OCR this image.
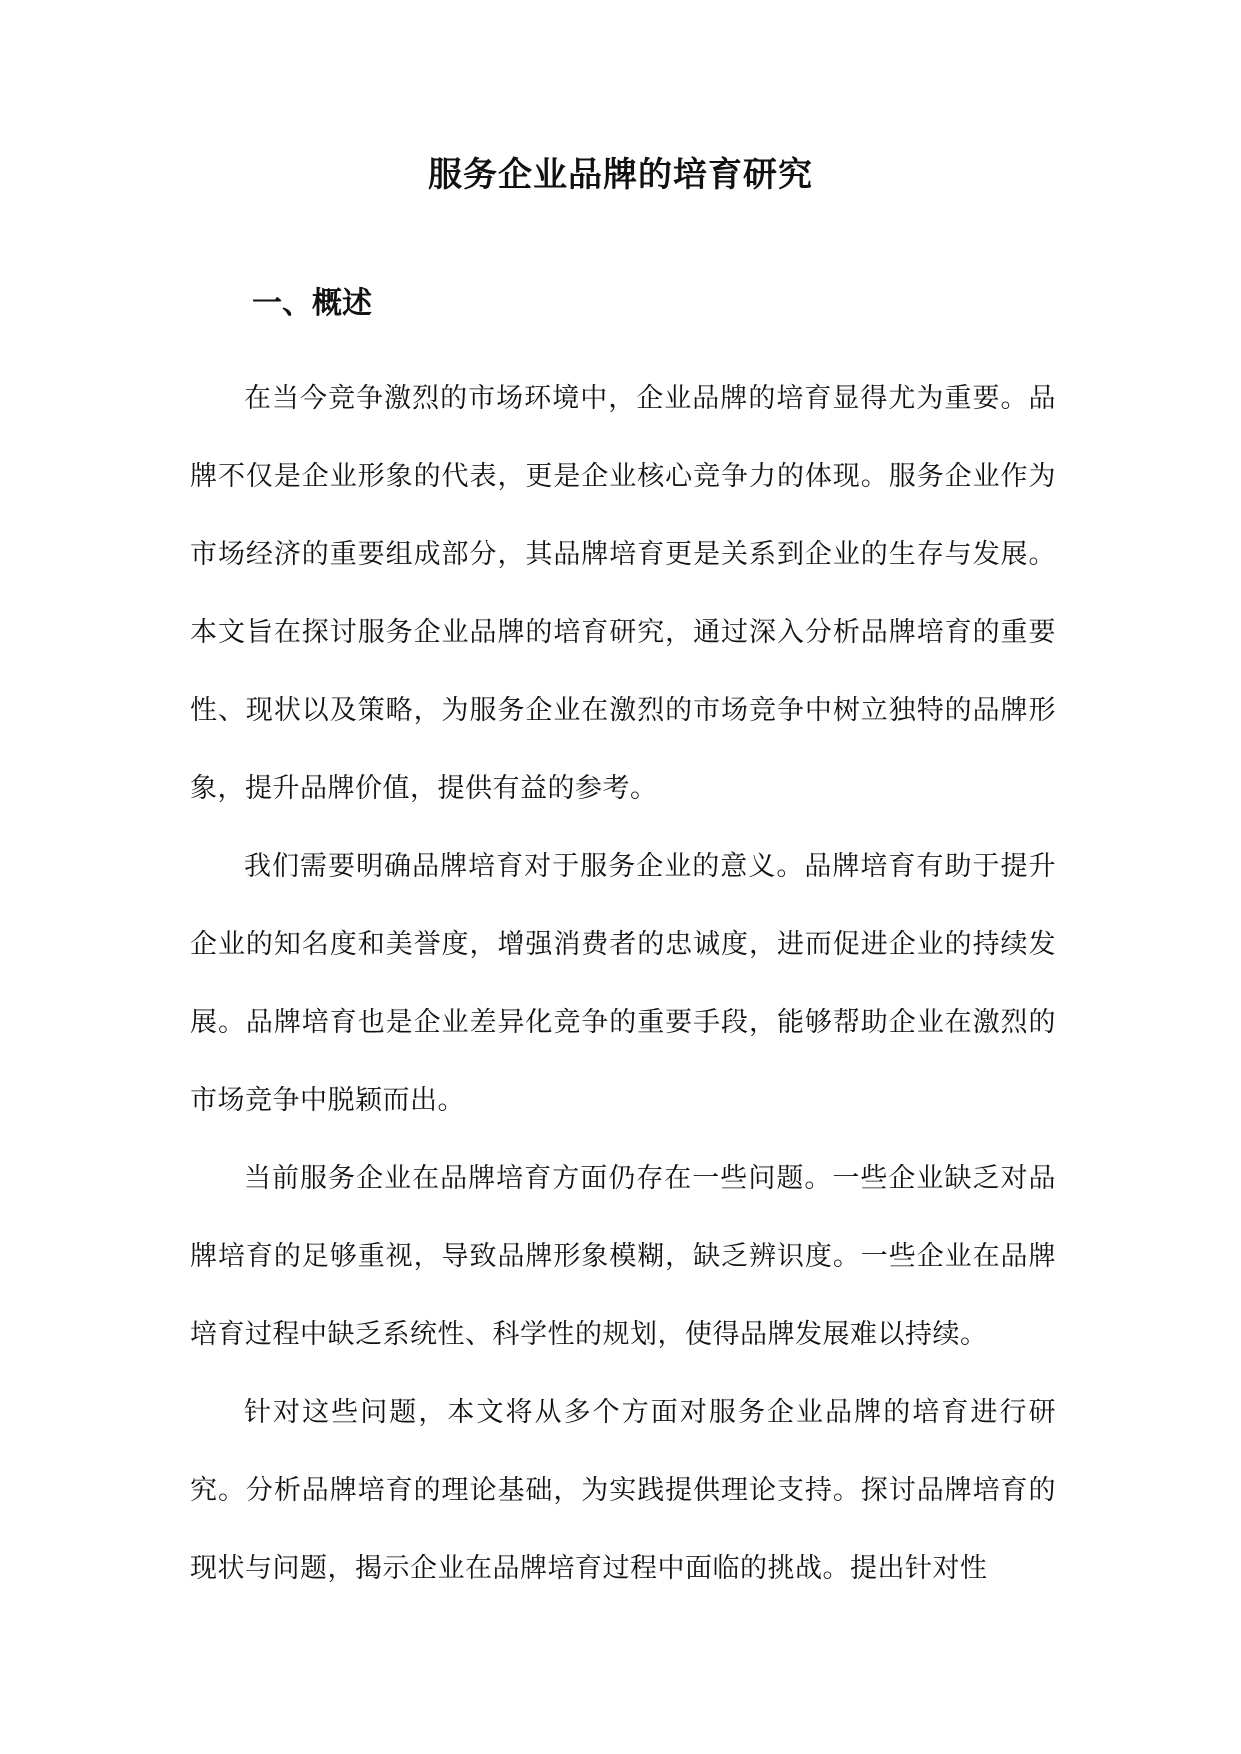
服务企业品牌的培育研究
一、概述

在当今竞争激烈的市场环境中，企业品牌的培育显得尤为重要。品牌不仅是企业形象的代表，更是企业核心竞争力的体现。服务企业作为市场经济的重要组成部分，其品牌培育更是关系到企业的生存与发展。本文旨在探讨服务企业品牌的培育研究，通过深入分析品牌培育的重要性、现状以及策略，为服务企业在激烈的市场竞争中树立独特的品牌形象，提升品牌价值，提供有益的参考。

我们需要明确品牌培育对于服务企业的意义。品牌培育有助于提升企业的知名度和美誉度，增强消费者的忠诚度，进而促进企业的持续发展。品牌培育也是企业差异化竞争的重要手段，能够帮助企业在激烈的市场竞争中脱颖而出。

当前服务企业在品牌培育方面仍存在一些问题。一些企业缺乏对品牌培育的足够重视，导致品牌形象模糊，缺乏辨识度。一些企业在品牌培育过程中缺乏系统性、科学性的规划，使得品牌发展难以持续。

针对这些问题，本文将从多个方面对服务企业品牌的培育进行研究。分析品牌培育的理论基础，为实践提供理论支持。探讨品牌培育的现状与问题，揭示企业在品牌培育过程中面临的挑战。提出针对性
